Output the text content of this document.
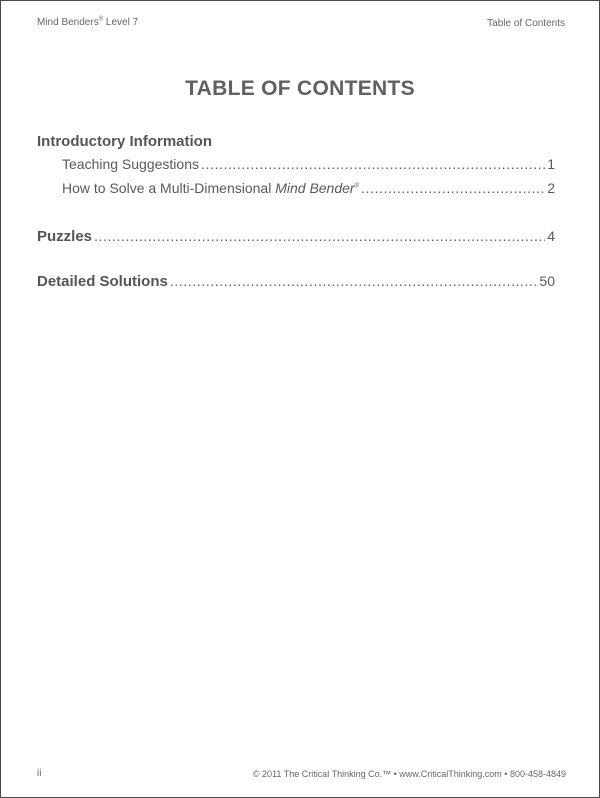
Mind Benders® Level 7	Table of Contents
TABLE OF CONTENTS
Introductory Information
Teaching Suggestions .....	1
How to Solve a Multi-Dimensional Mind Bender® .....	2
Puzzles .....	4
Detailed Solutions .....	50
ii	© 2011 The Critical Thinking Co.™ • www.CriticalThinking.com • 800-458-4849
